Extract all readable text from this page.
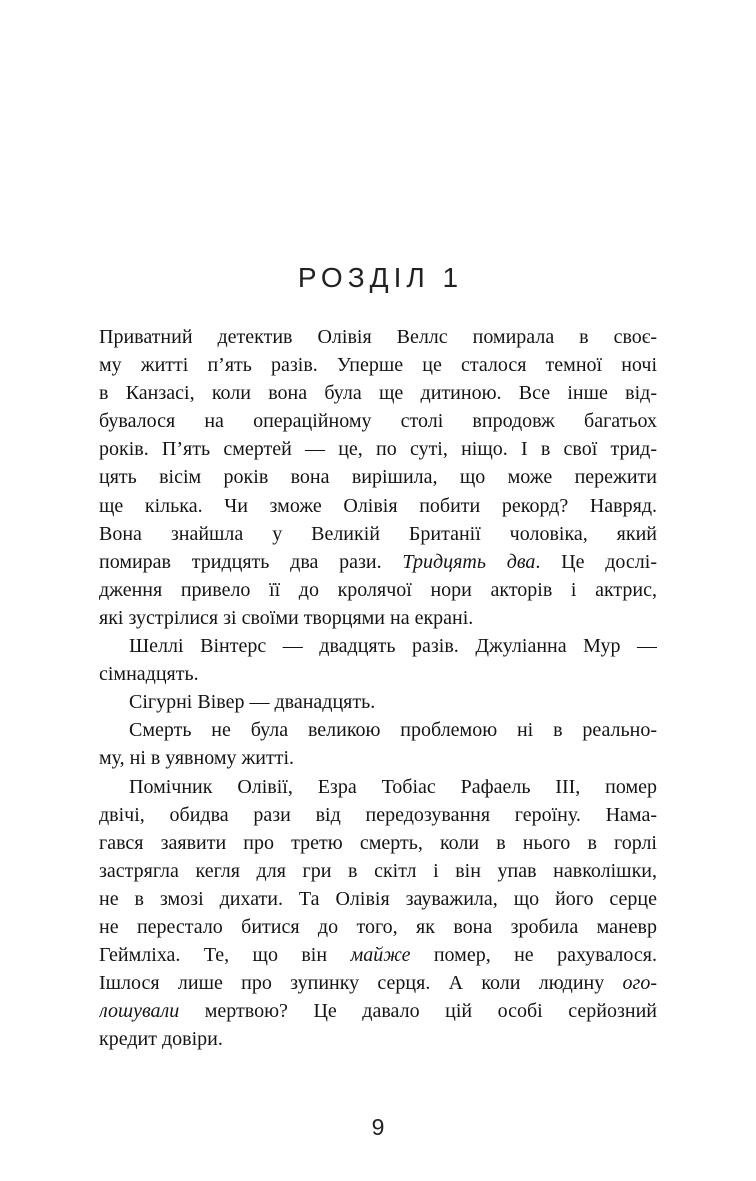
РОЗДІЛ 1
Приватний детектив Олівія Веллс помирала в своє-
му житті п’ять разів. Уперше це сталося темної ночі
в Канзасі, коли вона була ще дитиною. Все інше від-
бувалося на операційному столі впродовж багатьох
років. П’ять смертей — це, по суті, ніщо. І в свої трид-
цять вісім років вона вирішила, що може пережити
ще кілька. Чи зможе Олівія побити рекорд? Навряд.
Вона знайшла у Великій Британії чоловіка, який
помирав тридцять два рази. Тридцять два. Це дослі-
дження привело її до кролячої нори акторів і актрис,
які зустрілися зі своїми творцями на екрані.
Шеллі Вінтерс — двадцять разів. Джуліанна Мур —
сімнадцять.
Сігурні Вівер — дванадцять.
Смерть не була великою проблемою ні в реально-
му, ні в уявному житті.
Помічник Олівії, Езра Тобіас Рафаель III, помер
двічі, обидва рази від передозування героїну. Нама-
гався заявити про третю смерть, коли в нього в горлі
застрягла кегля для гри в скітл і він упав навколішки,
не в змозі дихати. Та Олівія зауважила, що його серце
не перестало битися до того, як вона зробила маневр
Геймліха. Те, що він майже помер, не рахувалося.
Ішлося лише про зупинку серця. А коли людину ого-
лошували мертвою? Це давало цій особі серйозний
кредит довіри.
9
